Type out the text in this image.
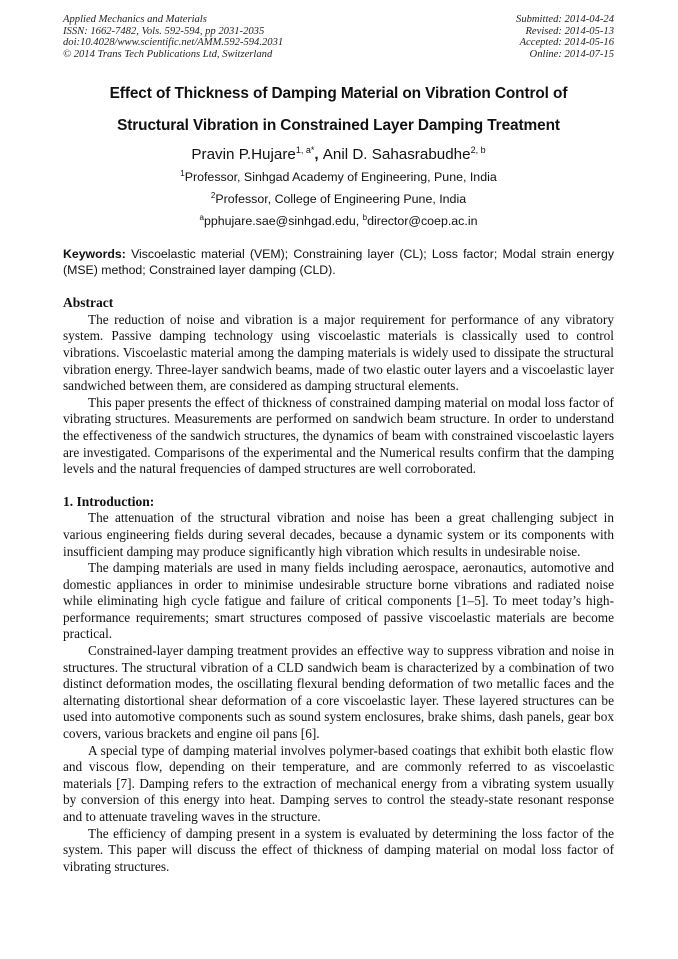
Applied Mechanics and Materials
ISSN: 1662-7482, Vols. 592-594, pp 2031-2035
doi:10.4028/www.scientific.net/AMM.592-594.2031
© 2014 Trans Tech Publications Ltd, Switzerland
Submitted: 2014-04-24
Revised: 2014-05-13
Accepted: 2014-05-16
Online: 2014-07-15
Effect of Thickness of Damping Material on Vibration Control of
Structural Vibration in Constrained Layer Damping Treatment
Pravin P.Hujare$^{1, a*}$, Anil D. Sahasrabudhe$^{2, b}$
$^1$Professor, Sinhgad Academy of Engineering, Pune, India
$^2$Professor, College of Engineering Pune, India
$^a$pphujare.sae@sinhgad.edu, $^b$director@coep.ac.in
Keywords: Viscoelastic material (VEM); Constraining layer (CL); Loss factor; Modal strain energy (MSE) method; Constrained layer damping (CLD).
Abstract

The reduction of noise and vibration is a major requirement for performance of any vibratory system. Passive damping technology using viscoelastic materials is classically used to control vibrations. Viscoelastic material among the damping materials is widely used to dissipate the structural vibration energy. Three-layer sandwich beams, made of two elastic outer layers and a viscoelastic layer sandwiched between them, are considered as damping structural elements.

This paper presents the effect of thickness of constrained damping material on modal loss factor of vibrating structures. Measurements are performed on sandwich beam structure. In order to understand the effectiveness of the sandwich structures, the dynamics of beam with constrained viscoelastic layers are investigated. Comparisons of the experimental and the Numerical results confirm that the damping levels and the natural frequencies of damped structures are well corroborated.

1. Introduction:

The attenuation of the structural vibration and noise has been a great challenging subject in various engineering fields during several decades, because a dynamic system or its components with insufficient damping may produce significantly high vibration which results in undesirable noise.

The damping materials are used in many fields including aerospace, aeronautics, automotive and domestic appliances in order to minimise undesirable structure borne vibrations and radiated noise while eliminating high cycle fatigue and failure of critical components [1–5]. To meet today’s high-performance requirements; smart structures composed of passive viscoelastic materials are become practical.

Constrained-layer damping treatment provides an effective way to suppress vibration and noise in structures. The structural vibration of a CLD sandwich beam is characterized by a combination of two distinct deformation modes, the oscillating flexural bending deformation of two metallic faces and the alternating distortional shear deformation of a core viscoelastic layer. These layered structures can be used into automotive components such as sound system enclosures, brake shims, dash panels, gear box covers, various brackets and engine oil pans [6].

A special type of damping material involves polymer-based coatings that exhibit both elastic flow and viscous flow, depending on their temperature, and are commonly referred to as viscoelastic materials [7]. Damping refers to the extraction of mechanical energy from a vibrating system usually by conversion of this energy into heat. Damping serves to control the steady-state resonant response and to attenuate traveling waves in the structure.

The efficiency of damping present in a system is evaluated by determining the loss factor of the system. This paper will discuss the effect of thickness of damping material on modal loss factor of vibrating structures.
